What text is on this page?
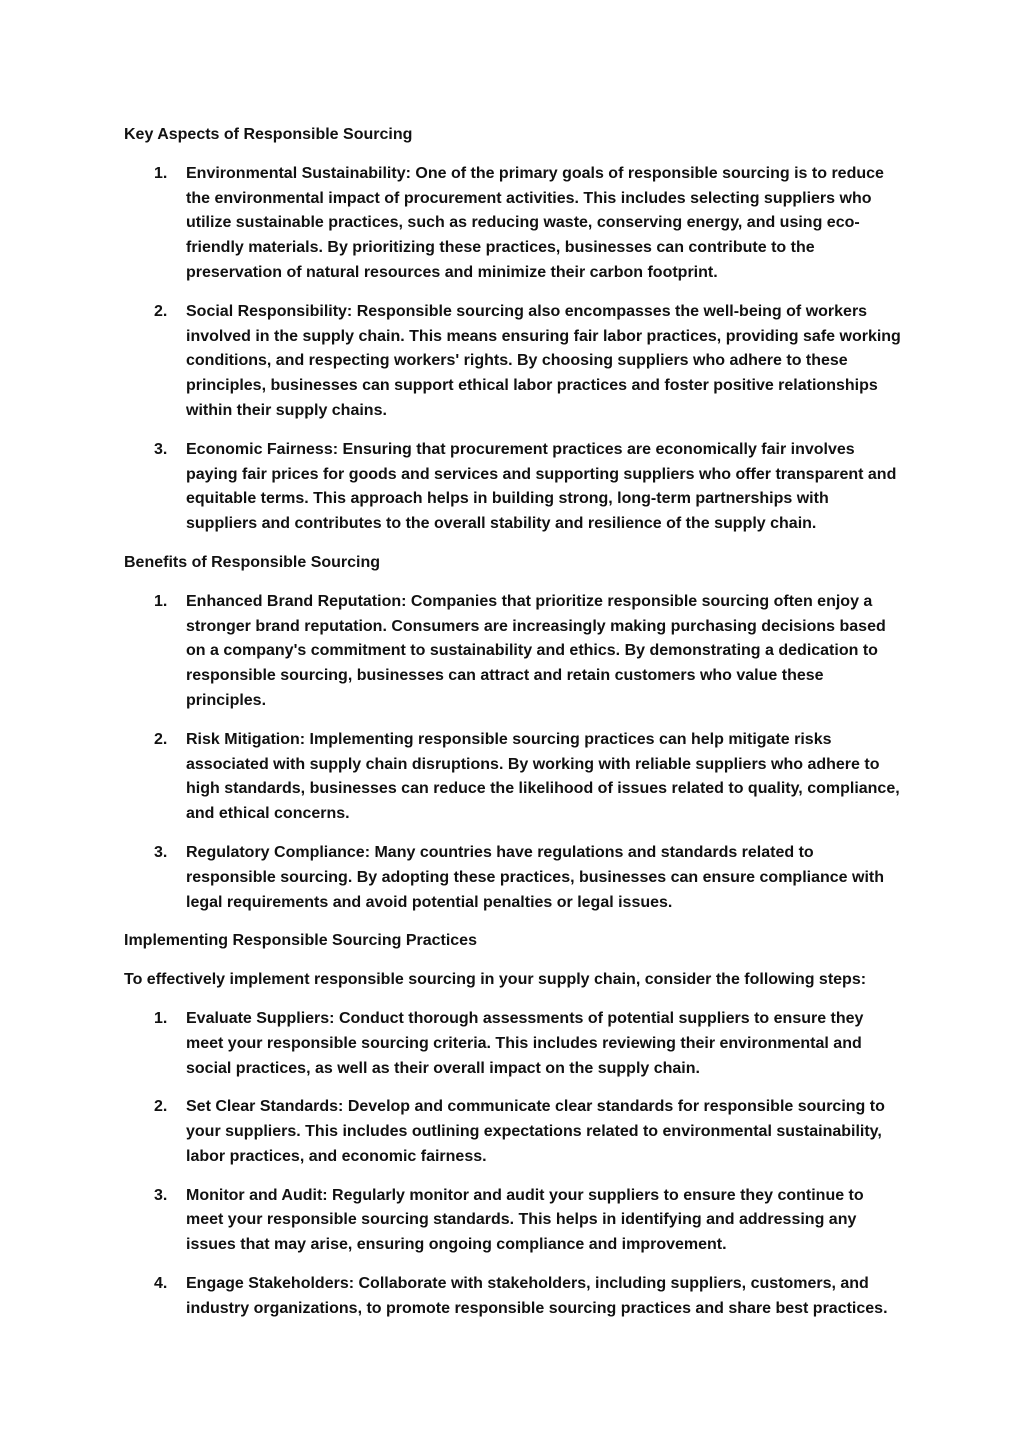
Key Aspects of Responsible Sourcing
1. Environmental Sustainability: One of the primary goals of responsible sourcing is to reduce the environmental impact of procurement activities. This includes selecting suppliers who utilize sustainable practices, such as reducing waste, conserving energy, and using eco-friendly materials. By prioritizing these practices, businesses can contribute to the preservation of natural resources and minimize their carbon footprint.
2. Social Responsibility: Responsible sourcing also encompasses the well-being of workers involved in the supply chain. This means ensuring fair labor practices, providing safe working conditions, and respecting workers' rights. By choosing suppliers who adhere to these principles, businesses can support ethical labor practices and foster positive relationships within their supply chains.
3. Economic Fairness: Ensuring that procurement practices are economically fair involves paying fair prices for goods and services and supporting suppliers who offer transparent and equitable terms. This approach helps in building strong, long-term partnerships with suppliers and contributes to the overall stability and resilience of the supply chain.
Benefits of Responsible Sourcing
1. Enhanced Brand Reputation: Companies that prioritize responsible sourcing often enjoy a stronger brand reputation. Consumers are increasingly making purchasing decisions based on a company's commitment to sustainability and ethics. By demonstrating a dedication to responsible sourcing, businesses can attract and retain customers who value these principles.
2. Risk Mitigation: Implementing responsible sourcing practices can help mitigate risks associated with supply chain disruptions. By working with reliable suppliers who adhere to high standards, businesses can reduce the likelihood of issues related to quality, compliance, and ethical concerns.
3. Regulatory Compliance: Many countries have regulations and standards related to responsible sourcing. By adopting these practices, businesses can ensure compliance with legal requirements and avoid potential penalties or legal issues.
Implementing Responsible Sourcing Practices
To effectively implement responsible sourcing in your supply chain, consider the following steps:
1. Evaluate Suppliers: Conduct thorough assessments of potential suppliers to ensure they meet your responsible sourcing criteria. This includes reviewing their environmental and social practices, as well as their overall impact on the supply chain.
2. Set Clear Standards: Develop and communicate clear standards for responsible sourcing to your suppliers. This includes outlining expectations related to environmental sustainability, labor practices, and economic fairness.
3. Monitor and Audit: Regularly monitor and audit your suppliers to ensure they continue to meet your responsible sourcing standards. This helps in identifying and addressing any issues that may arise, ensuring ongoing compliance and improvement.
4. Engage Stakeholders: Collaborate with stakeholders, including suppliers, customers, and industry organizations, to promote responsible sourcing practices and share best practices.
